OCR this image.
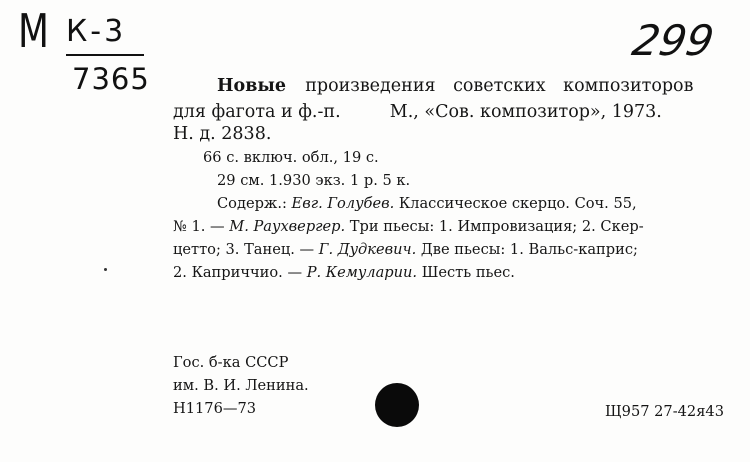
М К-3
7365
299
Новые произведения советских композиторов
для фагота и ф.-п.	М., «Сов. композитор», 1973.
Н. д. 2838.
66 с. включ. обл., 19 с.
29 см. 1.930 экз. 1 р. 5 к.
Содерж.: Евг. Голубев. Классическое скерцо. Соч. 55,
№ 1. — М. Раухвергер. Три пьесы: 1. Импровизация; 2. Скер-
цетто; 3. Танец. — Г. Дудкевич. Две пьесы: 1. Вальс-каприс;
2. Каприччио. — Р. Кемуларии. Шесть пьес.
Гос. б-ка СССР
им. В. И. Ленина.
Н1176—73	Щ957 27-42я43
